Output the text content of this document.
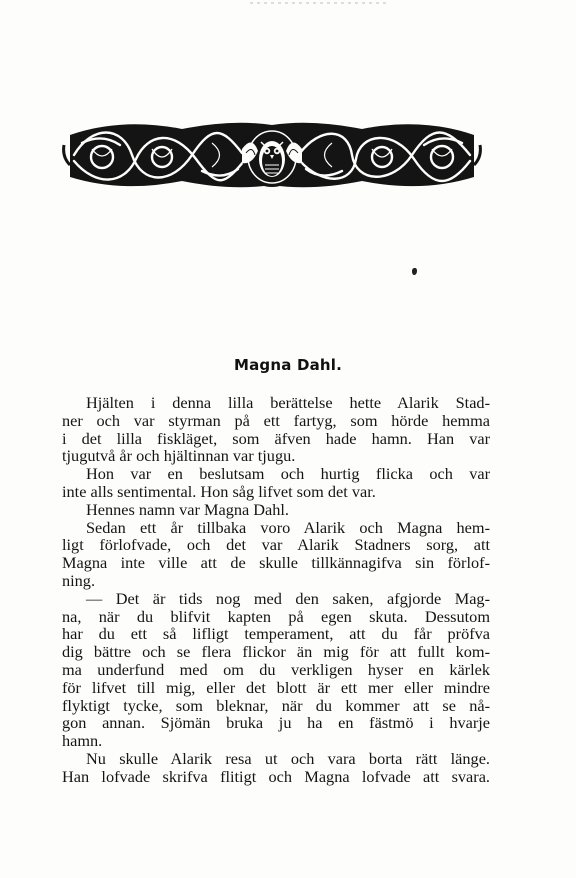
Magna Dahl.
Hjälten i denna lilla berättelse hette Alarik Stad-
ner och var styrman på ett fartyg, som hörde hemma
i det lilla fiskläget, som äfven hade hamn. Han var
tjugutvå år och hjältinnan var tjugu.
Hon var en beslutsam och hurtig flicka och var
inte alls sentimental. Hon såg lifvet som det var.
Hennes namn var Magna Dahl.
Sedan ett år tillbaka voro Alarik och Magna hem-
ligt förlofvade, och det var Alarik Stadners sorg, att
Magna inte ville att de skulle tillkännagifva sin förlof-
ning.
— Det är tids nog med den saken, afgjorde Mag-
na, när du blifvit kapten på egen skuta. Dessutom
har du ett så lifligt temperament, att du får pröfva
dig bättre och se flera flickor än mig för att fullt kom-
ma underfund med om du verkligen hyser en kärlek
för lifvet till mig, eller det blott är ett mer eller mindre
flyktigt tycke, som bleknar, när du kommer att se nå-
gon annan. Sjömän bruka ju ha en fästmö i hvarje
hamn.
Nu skulle Alarik resa ut och vara borta rätt länge.
Han lofvade skrifva flitigt och Magna lofvade att svara.
